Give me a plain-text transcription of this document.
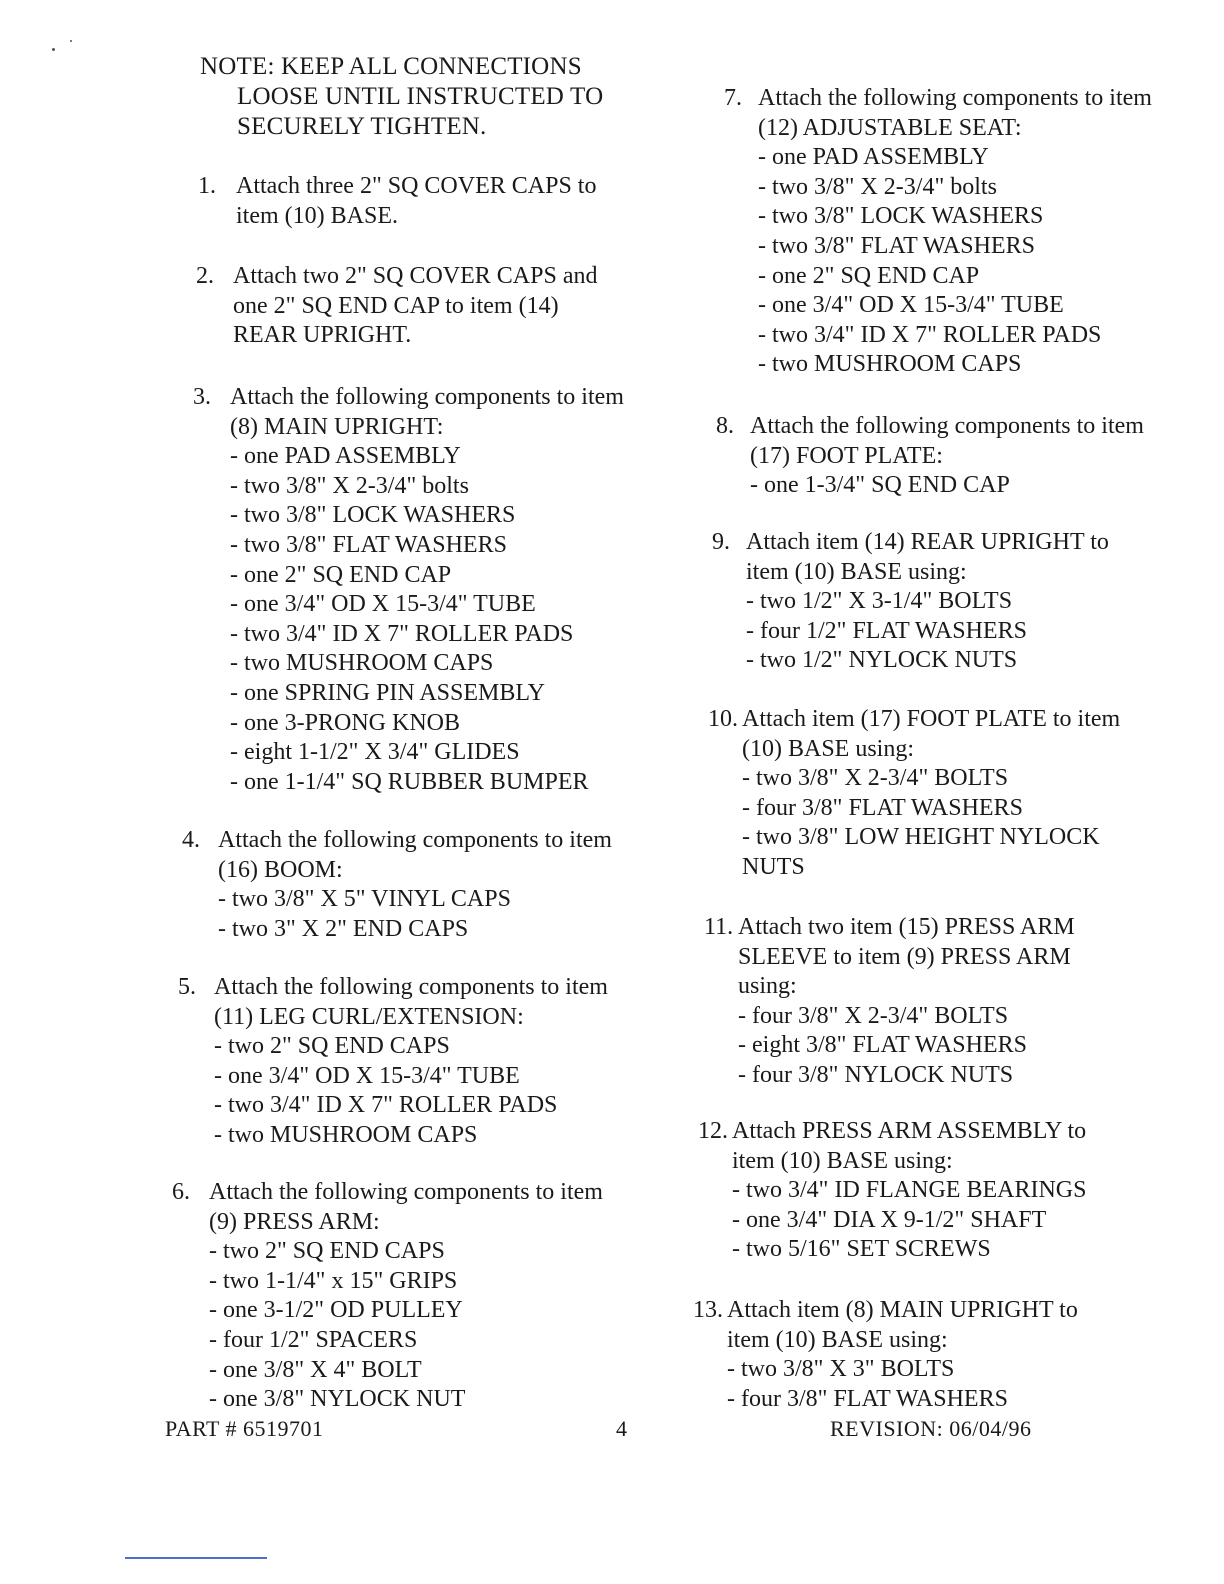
NOTE: KEEP ALL CONNECTIONS
LOOSE UNTIL INSTRUCTED TO
SECURELY TIGHTEN.
1. Attach three 2" SQ COVER CAPS to
item (10) BASE.
2. Attach two 2" SQ COVER CAPS and
one 2" SQ END CAP to item (14)
REAR UPRIGHT.
3. Attach the following components to item
(8) MAIN UPRIGHT:
- one PAD ASSEMBLY
- two 3/8" X 2-3/4" bolts
- two 3/8" LOCK WASHERS
- two 3/8" FLAT WASHERS
- one 2" SQ END CAP
- one 3/4" OD X 15-3/4" TUBE
- two 3/4" ID X 7" ROLLER PADS
- two MUSHROOM CAPS
- one SPRING PIN ASSEMBLY
- one 3-PRONG KNOB
- eight 1-1/2" X 3/4" GLIDES
- one 1-1/4" SQ RUBBER BUMPER
4. Attach the following components to item
(16) BOOM:
- two 3/8" X 5" VINYL CAPS
- two 3" X 2" END CAPS
5. Attach the following components to item
(11) LEG CURL/EXTENSION:
- two 2" SQ END CAPS
- one 3/4" OD X 15-3/4" TUBE
- two 3/4" ID X 7" ROLLER PADS
- two MUSHROOM CAPS
6. Attach the following components to item
(9) PRESS ARM:
- two 2" SQ END CAPS
- two 1-1/4" x 15" GRIPS
- one 3-1/2" OD PULLEY
- four 1/2" SPACERS
- one 3/8" X 4" BOLT
- one 3/8" NYLOCK NUT
7. Attach the following components to item
(12) ADJUSTABLE SEAT:
- one PAD ASSEMBLY
- two 3/8" X 2-3/4" bolts
- two 3/8" LOCK WASHERS
- two 3/8" FLAT WASHERS
- one 2" SQ END CAP
- one 3/4" OD X 15-3/4" TUBE
- two 3/4" ID X 7" ROLLER PADS
- two MUSHROOM CAPS
8. Attach the following components to item
(17) FOOT PLATE:
- one 1-3/4" SQ END CAP
9. Attach item (14) REAR UPRIGHT to
item (10) BASE using:
- two 1/2" X 3-1/4" BOLTS
- four 1/2" FLAT WASHERS
- two 1/2" NYLOCK NUTS
10. Attach item (17) FOOT PLATE to item
(10) BASE using:
- two 3/8" X 2-3/4" BOLTS
- four 3/8" FLAT WASHERS
- two 3/8" LOW HEIGHT NYLOCK
NUTS
11. Attach two item (15) PRESS ARM
SLEEVE to item (9) PRESS ARM
using:
- four 3/8" X 2-3/4" BOLTS
- eight 3/8" FLAT WASHERS
- four 3/8" NYLOCK NUTS
12. Attach PRESS ARM ASSEMBLY to
item (10) BASE using:
- two 3/4" ID FLANGE BEARINGS
- one 3/4" DIA X 9-1/2" SHAFT
- two 5/16" SET SCREWS
13. Attach item (8) MAIN UPRIGHT to
item (10) BASE using:
- two 3/8" X 3" BOLTS
- four 3/8" FLAT WASHERS
PART # 6519701	4	REVISION: 06/04/96
